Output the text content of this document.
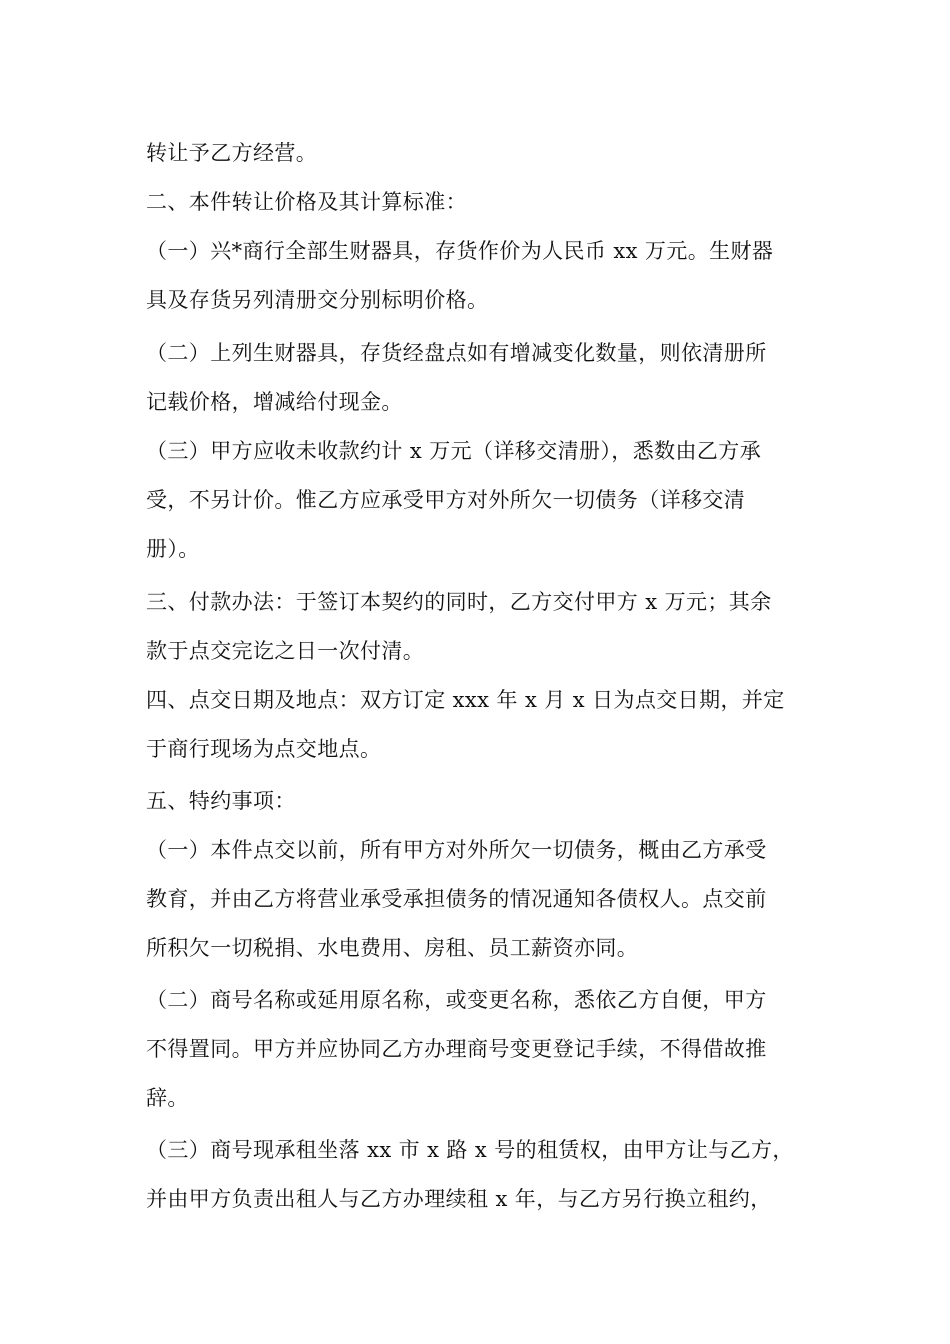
转让予乙方经营。
二、本件转让价格及其计算标准：
（一）兴*商行全部生财器具，存货作价为人民币 xx 万元。生财器
具及存货另列清册交分别标明价格。
（二）上列生财器具，存货经盘点如有增减变化数量，则依清册所
记载价格，增减给付现金。
（三）甲方应收未收款约计 x 万元（详移交清册），悉数由乙方承
受，不另计价。惟乙方应承受甲方对外所欠一切债务（详移交清
册）。
三、付款办法：于签订本契约的同时，乙方交付甲方 x 万元；其余
款于点交完讫之日一次付清。
四、点交日期及地点：双方订定 xxx 年 x 月 x 日为点交日期，并定
于商行现场为点交地点。
五、特约事项：
（一）本件点交以前，所有甲方对外所欠一切债务，概由乙方承受
教育，并由乙方将营业承受承担债务的情况通知各债权人。点交前
所积欠一切税捐、水电费用、房租、员工薪资亦同。
（二）商号名称或延用原名称，或变更名称，悉依乙方自便，甲方
不得置同。甲方并应协同乙方办理商号变更登记手续，不得借故推
辞。
（三）商号现承租坐落 xx 市 x 路 x 号的租赁权，由甲方让与乙方，
并由甲方负责出租人与乙方办理续租 x 年，与乙方另行换立租约，
